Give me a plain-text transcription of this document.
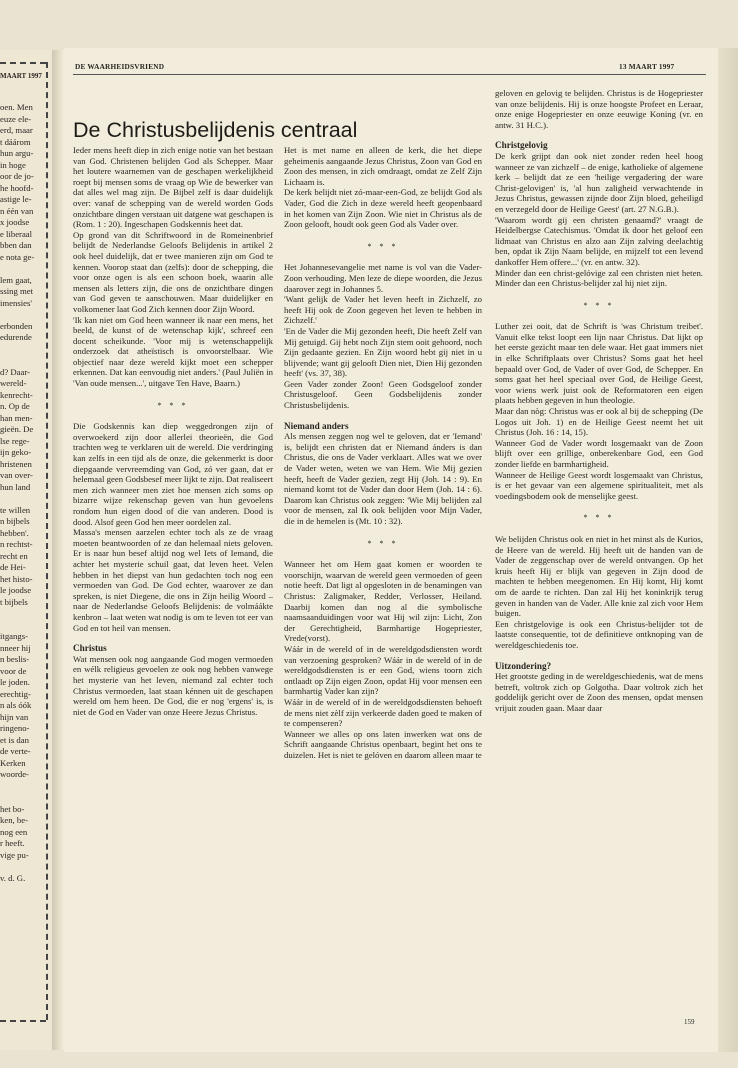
MAART 1997
oen. Men
euze ele-
erd, maar
t dáárom
hun argu-
in hoge
oor de jo-
he hoofd-
astige le-
n één van
x joodse
e liberaal
bben dan
e nota ge-

lem gaat,
ssing met
imensies'

erbonden
edurende

d? Daar-
wereld-
kenrecht-
n. Op de
han men-
gieën. De
lse rege-
ijn geko-
hristenen
van over-
hun land

te willen
n bijbels
hebben'.
n rechtst-
recht en
de Hei-
het histo-
le joodse
t bijbels

itgangs-
nneer hij
n beslis-
voor de
le joden.
erechtig-
n als óók
hijn van
ringeno-
et is dan
de verte-
Kerken
woorde-

het bo-
ken, be-
nog een
r heeft.
vige pu-

v. d. G.
DE WAARHEIDSVRIEND	13 MAART 1997
De Christusbelijdenis centraal

Ieder mens heeft diep in zich enige notie van het bestaan van God. Christenen belijden God als Schepper. Maar het loutere waarnemen van de geschapen werkelijkheid roept bij mensen soms de vraag op Wie de bewerker van dat alles wel mag zijn. De Bijbel zelf is daar duidelijk over: vanaf de schepping van de wereld worden Gods onzichtbare dingen verstaan uit datgene wat geschapen is (Rom. 1 : 20). Ingeschapen Godskennis heet dat.

Op grond van dit Schriftwoord in de Romeinenbrief belijdt de Nederlandse Geloofs Belijdenis in artikel 2 ook heel duidelijk, dat er twee manieren zijn om God te kennen. Voorop staat dan (zelfs): door de schepping, die voor onze ogen is als een schoon boek, waarin alle mensen als letters zijn, die ons de onzichtbare dingen van God geven te aanschouwen. Maar duidelijker en volkomener laat God Zich kennen door Zijn Woord.

'Ik kan niet om God heen wanneer ik naar een mens, het beeld, de kunst of de wetenschap kijk', schreef een docent scheikunde. 'Voor mij is wetenschappelijk onderzoek dat atheïstisch is onvoorstelbaar. Wie objectief naar deze wereld kijkt moet een schepper erkennen. Dat kan eenvoudig niet anders.' (Paul Juliën in 'Van oude mensen...', uitgave Ten Have, Baarn.)

* * *

Die Godskennis kan diep weggedrongen zijn of overwoekerd zijn door allerlei theorieën, die God trachten weg te verklaren uit de wereld. Die verdringing kan zelfs in een tijd als de onze, die gekenmerkt is door diepgaande vervreemding van God, zó ver gaan, dat er helemaal geen Godsbesef meer lijkt te zijn. Dat realiseert men zich wanneer men ziet hoe mensen zich soms op bizarre wijze rekenschap geven van hun gevoelens rondom hun eigen dood of die van anderen. Dood is dood. Alsof geen God hen meer oordelen zal.

Massa's mensen aarzelen echter toch als ze de vraag moeten beantwoorden of ze dan helemaal niets geloven. Er is naar hun besef altijd nog wel Iets of Iemand, die achter het mysterie schuil gaat, dat leven heet. Velen hebben in het diepst van hun gedachten toch nog een vermoeden van God. De God echter, waarover ze dan spreken, is niet Diegene, die ons in Zijn heilig Woord – naar de Nederlandse Geloofs Belijdenis: de volmáákte kenbron – laat weten wat nodig is om te leven tot eer van God en tot heil van mensen.

Christus

Wat mensen ook nog aangaande God mogen vermoeden en wélk religieus gevoelen ze ook nog hebben vanwege het mysterie van het leven, niemand zal echter toch Christus vermoeden, laat staan kénnen uit de geschapen wereld om hem heen. De God, die er nog 'ergens' is, is niet de God en Vader van onze Heere Jezus Christus.

Het is met name en alleen de kerk, die het diepe geheimenis aangaande Jezus Christus, Zoon van God en Zoon des mensen, in zich omdraagt, omdat ze Zelf Zijn Lichaam is.

De kerk belijdt niet zó-maar-een-God, ze belijdt God als Vader, God die Zich in deze wereld heeft geopenbaard in het komen van Zijn Zoon. Wie niet in Christus als de Zoon gelooft, houdt ook geen God als Vader over.

* * *

Het Johannesevangelie met name is vol van die Vader-Zoon verhouding. Men leze de diepe woorden, die Jezus daarover zegt in Johannes 5.

'Want gelijk de Vader het leven heeft in Zichzelf, zo heeft Hij ook de Zoon gegeven het leven te hebben in Zichzelf.'

'En de Vader die Mij gezonden heeft, Die heeft Zelf van Mij getuigd. Gij hebt noch Zijn stem ooit gehoord, noch Zijn gedaante gezien. En Zijn woord hebt gij niet in u blijvende; want gij gelooft Dien niet, Dien Hij gezonden heeft' (vs. 37, 38).

Geen Vader zonder Zoon! Geen Godsgeloof zonder Christusgeloof. Geen Godsbelijdenis zonder Christusbelijdenis.

Niemand anders

Als mensen zeggen nog wel te geloven, dat er 'Iemand' is, belijdt een christen dat er Niemand ánders is dan Christus, die ons de Vader verklaart. Alles wat we over de Vader weten, weten we van Hem. Wie Mij gezien heeft, heeft de Vader gezien, zegt Hij (Joh. 14 : 9). En niemand komt tot de Vader dan door Hem (Joh. 14 : 6). Daarom kan Christus ook zeggen: 'Wie Mij belijden zal voor de mensen, zal Ik ook belijden voor Mijn Vader, die in de hemelen is (Mt. 10 : 32).

* * *

Wanneer het om Hem gaat komen er woorden te voorschijn, waarvan de wereld geen vermoeden of geen notie heeft. Dat ligt al opgesloten in de benamingen van Christus: Zaligmaker, Redder, Verlosser, Heiland. Daarbij komen dan nog al die symbolische naamsaanduidingen voor wat Hij wil zijn: Licht, Zon der Gerechtigheid, Barmhartige Hogepriester, Vrede(vorst).

Wáár in de wereld of in de wereldgodsdiensten wordt van verzoening gesproken? Wáár in de wereld of in de wereldgodsdiensten is er een God, wiens toorn zich ontlaadt op Zijn eigen Zoon, opdat Hij voor mensen een barmhartig Vader kan zijn?

Wáár in de wereld of in de wereldgodsdiensten behoeft de mens niet zèlf zijn verkeerde daden goed te maken of te compenseren?

Wanneer we alles op ons laten inwerken wat ons de Schrift aangaande Christus openbaart, begint het ons te duizelen. Het is niet te gelóven en daarom alleen maar te

geloven en gelovig te belijden. Christus is de Hogepriester van onze belijdenis. Hij is onze hoogste Profeet en Leraar, onze enige Hogepriester en onze eeuwige Koning (vr. en antw. 31 H.C.).

Christgelovig

De kerk grijpt dan ook niet zonder reden heel hoog wanneer ze van zichzelf – de enige, katholieke of algemene kerk – belijdt dat ze een 'heilige vergadering der ware Christ-gelovigen' is, 'al hun zaligheid verwachtende in Jezus Christus, gewassen zijnde door Zijn bloed, geheiligd en verzegeld door de Heilige Geest' (art. 27 N.G.B.).

'Waarom wordt gij een christen genaamd?' vraagt de Heidelbergse Catechismus. 'Omdat ik door het geloof een lidmaat van Christus en alzo aan Zijn zalving deelachtig ben, opdat ik Zijn Naam belijde, en mijzelf tot een levend dankoffer Hem offere...' (vr. en antw. 32).

Minder dan een christ-gelóvige zal een christen niet heten. Minder dan een Christus-belijder zal hij niet zijn.

* * *

Luther zei ooit, dat de Schrift is 'was Christum treibet'. Vanuit elke tekst loopt een lijn naar Christus. Dat lijkt op het eerste gezicht maar ten dele waar. Het gaat immers niet in elke Schriftplaats over Christus? Soms gaat het heel bepaald over God, de Vader of over God, de Schepper. En soms gaat het heel speciaal over God, de Heilige Geest, voor wiens werk juist ook de Reformatoren een eigen plaats hebben gegeven in hun theologie.

Maar dan nòg: Christus was er ook al bij de schepping (De Logos uit Joh. 1) en de Heilige Geest neemt het uit Christus (Joh. 16 : 14, 15).

Wanneer God de Vader wordt losgemaakt van de Zoon blijft over een grillige, onberekenbare God, een God zonder liefde en barmhartigheid.

Wanneer de Heilige Geest wordt losgemaakt van Christus, is er het gevaar van een algemene spiritualiteit, met als voedingsbodem ook de menselijke geest.

* * *

We belijden Christus ook en niet in het minst als de Kurios, de Heere van de wereld. Hij heeft uit de handen van de Vader de zeggenschap over de wereld ontvangen. Op het kruis heeft Hij er blijk van gegeven in Zijn dood de machten te hebben meegenomen. En Hij komt, Hij komt om de aarde te richten. Dan zal Hij het koninkrijk terug geven in handen van de Vader. Alle knie zal zich voor Hem buigen.

Een christgelovige is ook een Christus-belijder tot de laatste consequentie, tot de definitieve ontknoping van de wereldgeschiedenis toe.

Uitzondering?

Het grootste geding in de wereldgeschiedenis, wat de mens betreft, voltrok zich op Golgotha. Daar voltrok zich het goddelijk gericht over de Zoon des mensen, opdat mensen vrijuit zouden gaan. Maar daar

159
